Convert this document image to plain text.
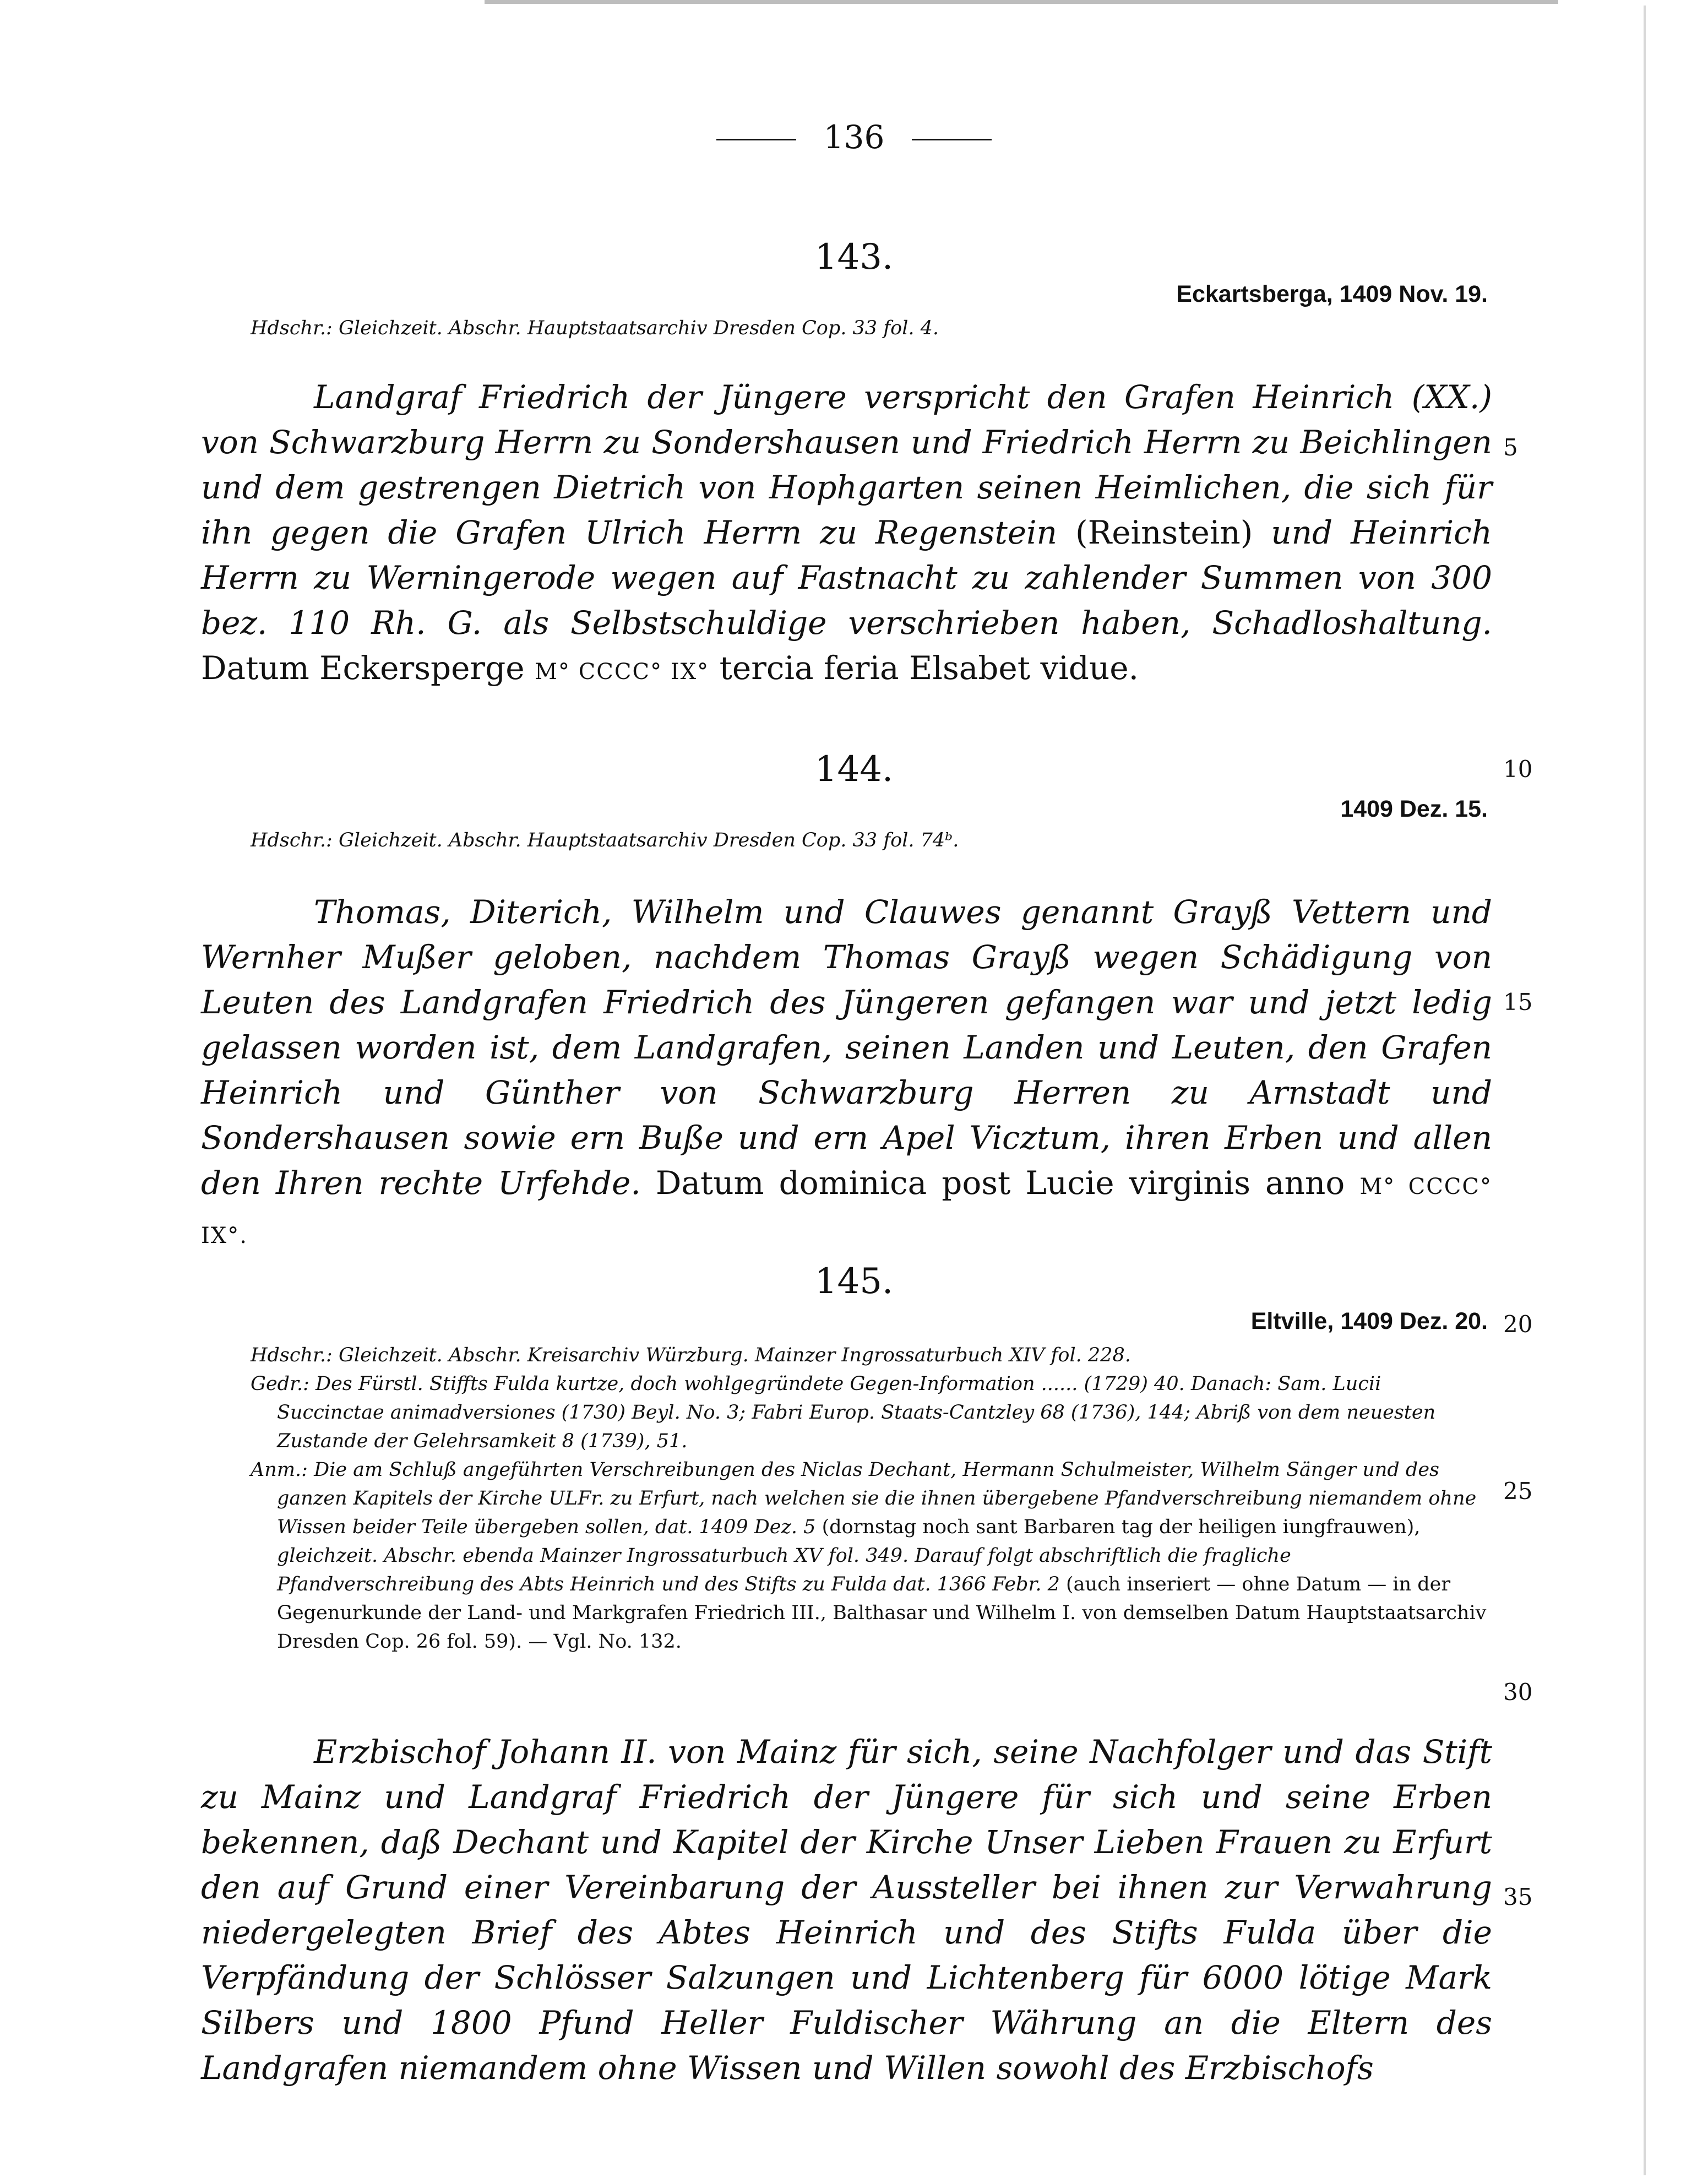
136
5
10
15
20
25
30
35
143.
Eckartsberga, 1409 Nov. 19.
Hdschr.: Gleichzeit. Abschr. Hauptstaatsarchiv Dresden Cop. 33 fol. 4.
Landgraf Friedrich der Jüngere verspricht den Grafen Heinrich (XX.) von Schwarzburg Herrn zu Sondershausen und Friedrich Herrn zu Beichlingen und dem gestrengen Dietrich von Hophgarten seinen Heimlichen, die sich für ihn gegen die Grafen Ulrich Herrn zu Regenstein (Reinstein) und Heinrich Herrn zu Werningerode wegen auf Fastnacht zu zahlender Summen von 300 bez. 110 Rh. G. als Selbstschuldige verschrieben haben, Schadloshaltung. Datum Eckersperge M° CCCC° IX° tercia feria Elsabet vidue.
144.
1409 Dez. 15.
Hdschr.: Gleichzeit. Abschr. Hauptstaatsarchiv Dresden Cop. 33 fol. 74ᵇ.
Thomas, Diterich, Wilhelm und Clauwes genannt Grayß Vettern und Wernher Mußer geloben, nachdem Thomas Grayß wegen Schädigung von Leuten des Landgrafen Friedrich des Jüngeren gefangen war und jetzt ledig gelassen worden ist, dem Landgrafen, seinen Landen und Leuten, den Grafen Heinrich und Günther von Schwarzburg Herren zu Arnstadt und Sondershausen sowie ern Buße und ern Apel Vicztum, ihren Erben und allen den Ihren rechte Urfehde. Datum dominica post Lucie virginis anno M° CCCC° IX°.
145.
Eltville, 1409 Dez. 20.
Hdschr.: Gleichzeit. Abschr. Kreisarchiv Würzburg. Mainzer Ingrossaturbuch XIV fol. 228.
Gedr.: Des Fürstl. Stiffts Fulda kurtze, doch wohlgegründete Gegen-Information ...... (1729) 40. Danach: Sam. Lucii Succinctae animadversiones (1730) Beyl. No. 3; Fabri Europ. Staats-Cantzley 68 (1736), 144; Abriß von dem neuesten Zustande der Gelehrsamkeit 8 (1739), 51.
Anm.: Die am Schluß angeführten Verschreibungen des Niclas Dechant, Hermann Schulmeister, Wilhelm Sänger und des ganzen Kapitels der Kirche ULFr. zu Erfurt, nach welchen sie die ihnen übergebene Pfandverschreibung niemandem ohne Wissen beider Teile übergeben sollen, dat. 1409 Dez. 5 (dornstag noch sant Barbaren tag der heiligen iungfrauwen), gleichzeit. Abschr. ebenda Mainzer Ingrossaturbuch XV fol. 349. Darauf folgt abschriftlich die fragliche Pfandverschreibung des Abts Heinrich und des Stifts zu Fulda dat. 1366 Febr. 2 (auch inseriert — ohne Datum — in der Gegenurkunde der Land- und Markgrafen Friedrich III., Balthasar und Wilhelm I. von demselben Datum Hauptstaatsarchiv Dresden Cop. 26 fol. 59). — Vgl. No. 132.
Erzbischof Johann II. von Mainz für sich, seine Nachfolger und das Stift zu Mainz und Landgraf Friedrich der Jüngere für sich und seine Erben bekennen, daß Dechant und Kapitel der Kirche Unser Lieben Frauen zu Erfurt den auf Grund einer Vereinbarung der Aussteller bei ihnen zur Verwahrung niedergelegten Brief des Abtes Heinrich und des Stifts Fulda über die Verpfändung der Schlösser Salzungen und Lichtenberg für 6000 lötige Mark Silbers und 1800 Pfund Heller Fuldischer Währung an die Eltern des Landgrafen niemandem ohne Wissen und Willen sowohl des Erzbischofs
